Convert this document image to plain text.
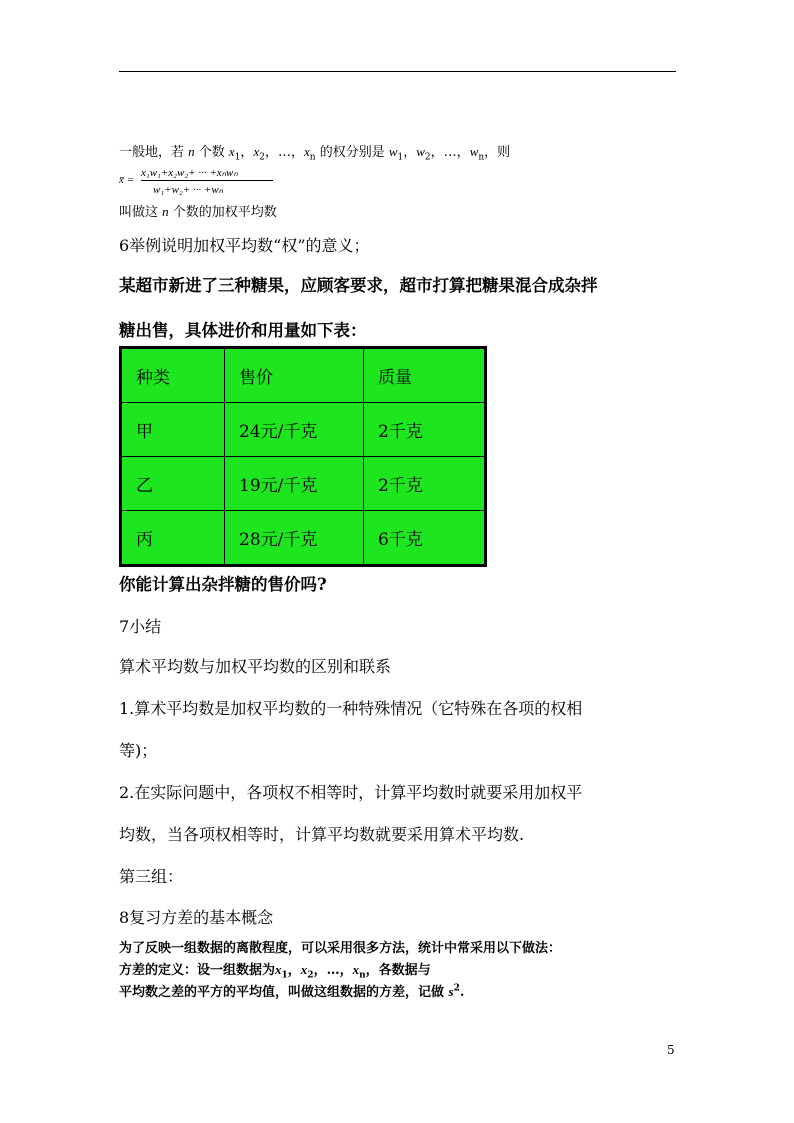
一般地，若 n 个数 $x_1$，$x_2$，…，$x_n$ 的权分别是 $w_1$，$w_2$，…，$w_n$，则
x̄ =
x₁w₁+x₂w₂+ ··· +xₙwₙ
w₁+w₂+ ··· +wₙ
叫做这 n 个数的加权平均数
6举例说明加权平均数“权”的意义；
某超市新进了三种糖果，应顾客要求，超市打算把糖果混合成杂拌
糖出售，具体进价和用量如下表：
种类	售价	质量
甲	24元/千克	2千克
乙	19元/千克	2千克
丙	28元/千克	6千克
你能计算出杂拌糖的售价吗?
7小结
算术平均数与加权平均数的区别和联系
1.算术平均数是加权平均数的一种特殊情况（它特殊在各项的权相
等)；
2.在实际问题中，各项权不相等时，计算平均数时就要采用加权平
均数，当各项权相等时，计算平均数就要采用算术平均数.
第三组：
8复习方差的基本概念
为了反映一组数据的离散程度，可以采用很多方法，统计中常采用以下做法：
方差的定义：设一组数据为$x_1$，$x_2$，…，$x_n$，各数据与
平均数之差的平方的平均值，叫做这组数据的方差，记做 $s^2$.
5
